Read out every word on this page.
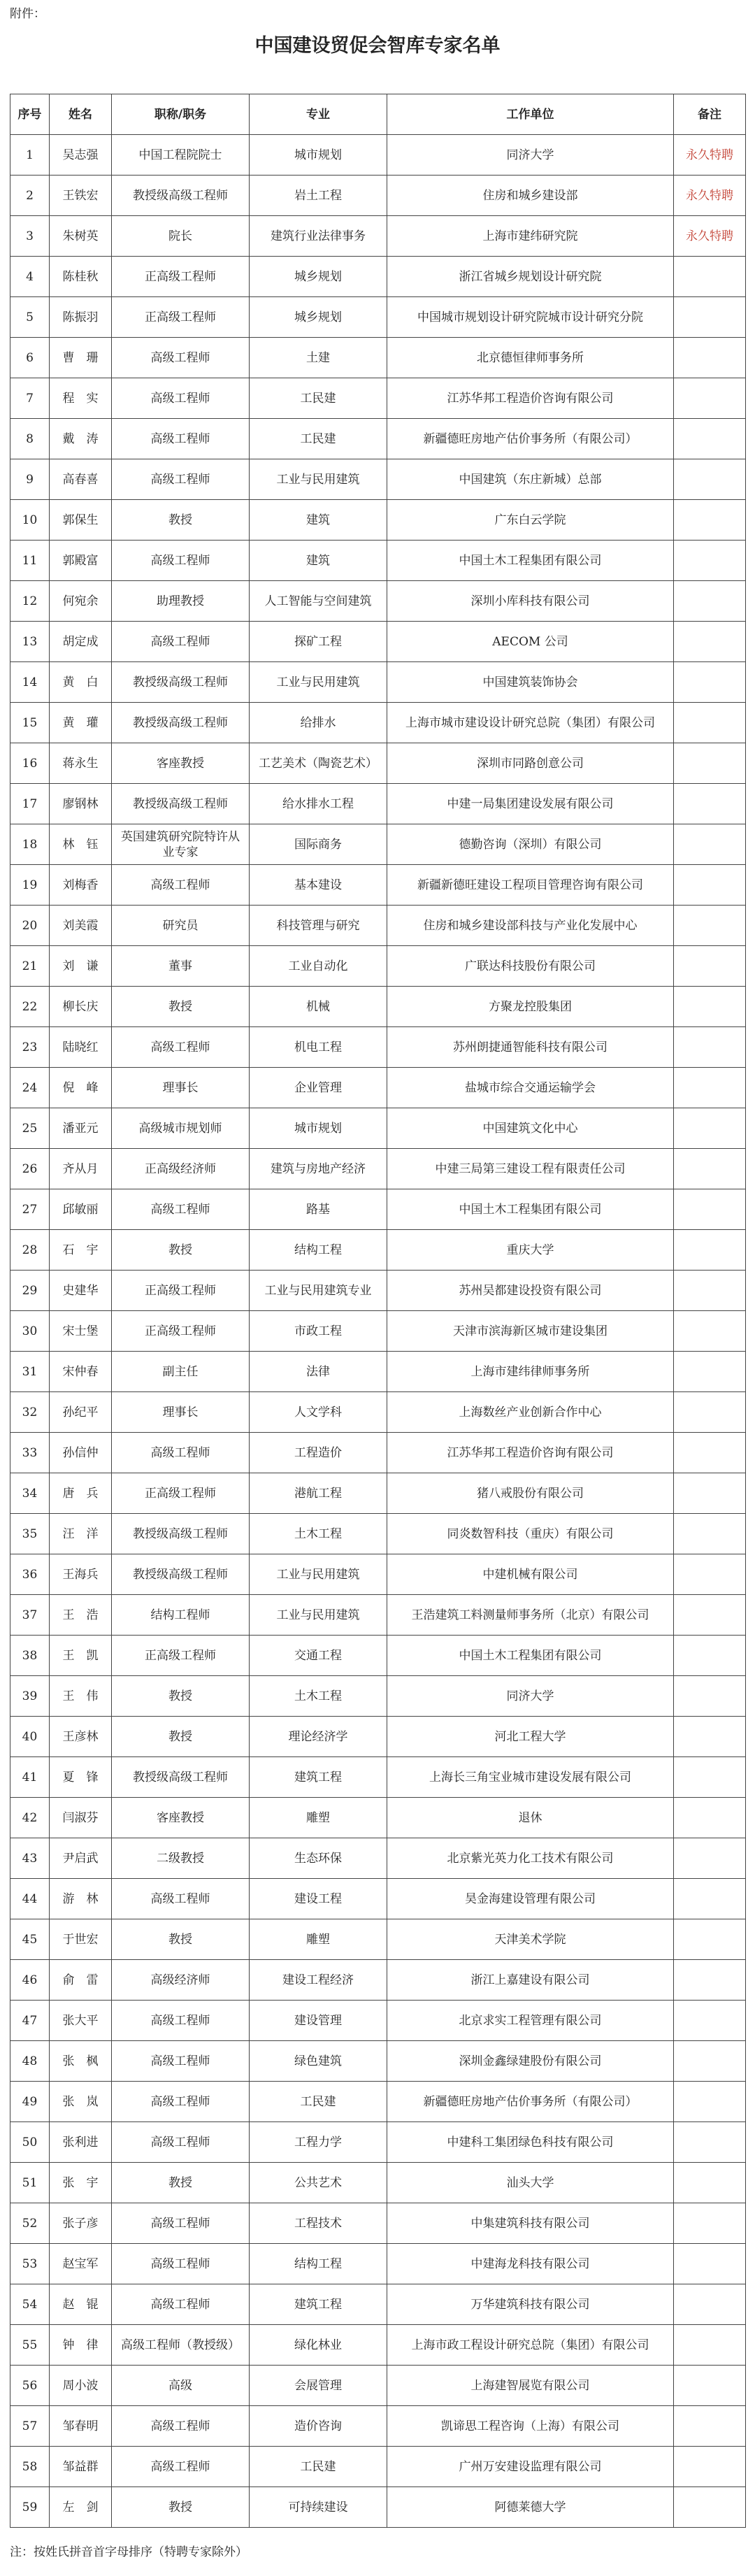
附件：
中国建设贸促会智库专家名单
序号	姓名	职称/职务	专业	工作单位	备注
1	吴志强	中国工程院院士	城市规划	同济大学	永久特聘
2	王铁宏	教授级高级工程师	岩土工程	住房和城乡建设部	永久特聘
3	朱树英	院长	建筑行业法律事务	上海市建纬研究院	永久特聘
4	陈桂秋	正高级工程师	城乡规划	浙江省城乡规划设计研究院	
5	陈振羽	正高级工程师	城乡规划	中国城市规划设计研究院城市设计研究分院	
6	曹　珊	高级工程师	土建	北京德恒律师事务所	
7	程　实	高级工程师	工民建	江苏华邦工程造价咨询有限公司	
8	戴　涛	高级工程师	工民建	新疆德旺房地产估价事务所（有限公司）	
9	高春喜	高级工程师	工业与民用建筑	中国建筑（东庄新城）总部	
10	郭保生	教授	建筑	广东白云学院	
11	郭殿富	高级工程师	建筑	中国土木工程集团有限公司	
12	何宛余	助理教授	人工智能与空间建筑	深圳小库科技有限公司	
13	胡定成	高级工程师	探矿工程	AECOM 公司	
14	黄　白	教授级高级工程师	工业与民用建筑	中国建筑装饰协会	
15	黄　瓘	教授级高级工程师	给排水	上海市城市建设设计研究总院（集团）有限公司	
16	蒋永生	客座教授	工艺美术（陶瓷艺术）	深圳市同路创意公司	
17	廖钢林	教授级高级工程师	给水排水工程	中建一局集团建设发展有限公司	
18	林　钰	英国建筑研究院特许从业专家	国际商务	德勤咨询（深圳）有限公司	
19	刘梅香	高级工程师	基本建设	新疆新德旺建设工程项目管理咨询有限公司	
20	刘美霞	研究员	科技管理与研究	住房和城乡建设部科技与产业化发展中心	
21	刘　谦	董事	工业自动化	广联达科技股份有限公司	
22	柳长庆	教授	机械	方聚龙控股集团	
23	陆晓红	高级工程师	机电工程	苏州朗捷通智能科技有限公司	
24	倪　峰	理事长	企业管理	盐城市综合交通运输学会	
25	潘亚元	高级城市规划师	城市规划	中国建筑文化中心	
26	齐从月	正高级经济师	建筑与房地产经济	中建三局第三建设工程有限责任公司	
27	邱敏丽	高级工程师	路基	中国土木工程集团有限公司	
28	石　宇	教授	结构工程	重庆大学	
29	史建华	正高级工程师	工业与民用建筑专业	苏州吴都建设投资有限公司	
30	宋士堡	正高级工程师	市政工程	天津市滨海新区城市建设集团	
31	宋仲春	副主任	法律	上海市建纬律师事务所	
32	孙纪平	理事长	人文学科	上海数丝产业创新合作中心	
33	孙信仲	高级工程师	工程造价	江苏华邦工程造价咨询有限公司	
34	唐　兵	正高级工程师	港航工程	猪八戒股份有限公司	
35	汪　洋	教授级高级工程师	土木工程	同炎数智科技（重庆）有限公司	
36	王海兵	教授级高级工程师	工业与民用建筑	中建机械有限公司	
37	王　浩	结构工程师	工业与民用建筑	王浩建筑工料测量师事务所（北京）有限公司	
38	王　凯	正高级工程师	交通工程	中国土木工程集团有限公司	
39	王　伟	教授	土木工程	同济大学	
40	王彦林	教授	理论经济学	河北工程大学	
41	夏　锋	教授级高级工程师	建筑工程	上海长三角宝业城市建设发展有限公司	
42	闫淑芬	客座教授	雕塑	退休	
43	尹启武	二级教授	生态环保	北京紫光英力化工技术有限公司	
44	游　林	高级工程师	建设工程	昊金海建设管理有限公司	
45	于世宏	教授	雕塑	天津美术学院	
46	俞　雷	高级经济师	建设工程经济	浙江上嘉建设有限公司	
47	张大平	高级工程师	建设管理	北京求实工程管理有限公司	
48	张　枫	高级工程师	绿色建筑	深圳金鑫绿建股份有限公司	
49	张　岚	高级工程师	工民建	新疆德旺房地产估价事务所（有限公司）	
50	张利进	高级工程师	工程力学	中建科工集团绿色科技有限公司	
51	张　宇	教授	公共艺术	汕头大学	
52	张子彦	高级工程师	工程技术	中集建筑科技有限公司	
53	赵宝军	高级工程师	结构工程	中建海龙科技有限公司	
54	赵　锟	高级工程师	建筑工程	万华建筑科技有限公司	
55	钟　律	高级工程师（教授级）	绿化林业	上海市政工程设计研究总院（集团）有限公司	
56	周小波	高级	会展管理	上海建智展览有限公司	
57	邹春明	高级工程师	造价咨询	凯谛思工程咨询（上海）有限公司	
58	邹益群	高级工程师	工民建	广州万安建设监理有限公司	
59	左　剑	教授	可持续建设	阿德莱德大学	
注：按姓氏拼音首字母排序（特聘专家除外）
